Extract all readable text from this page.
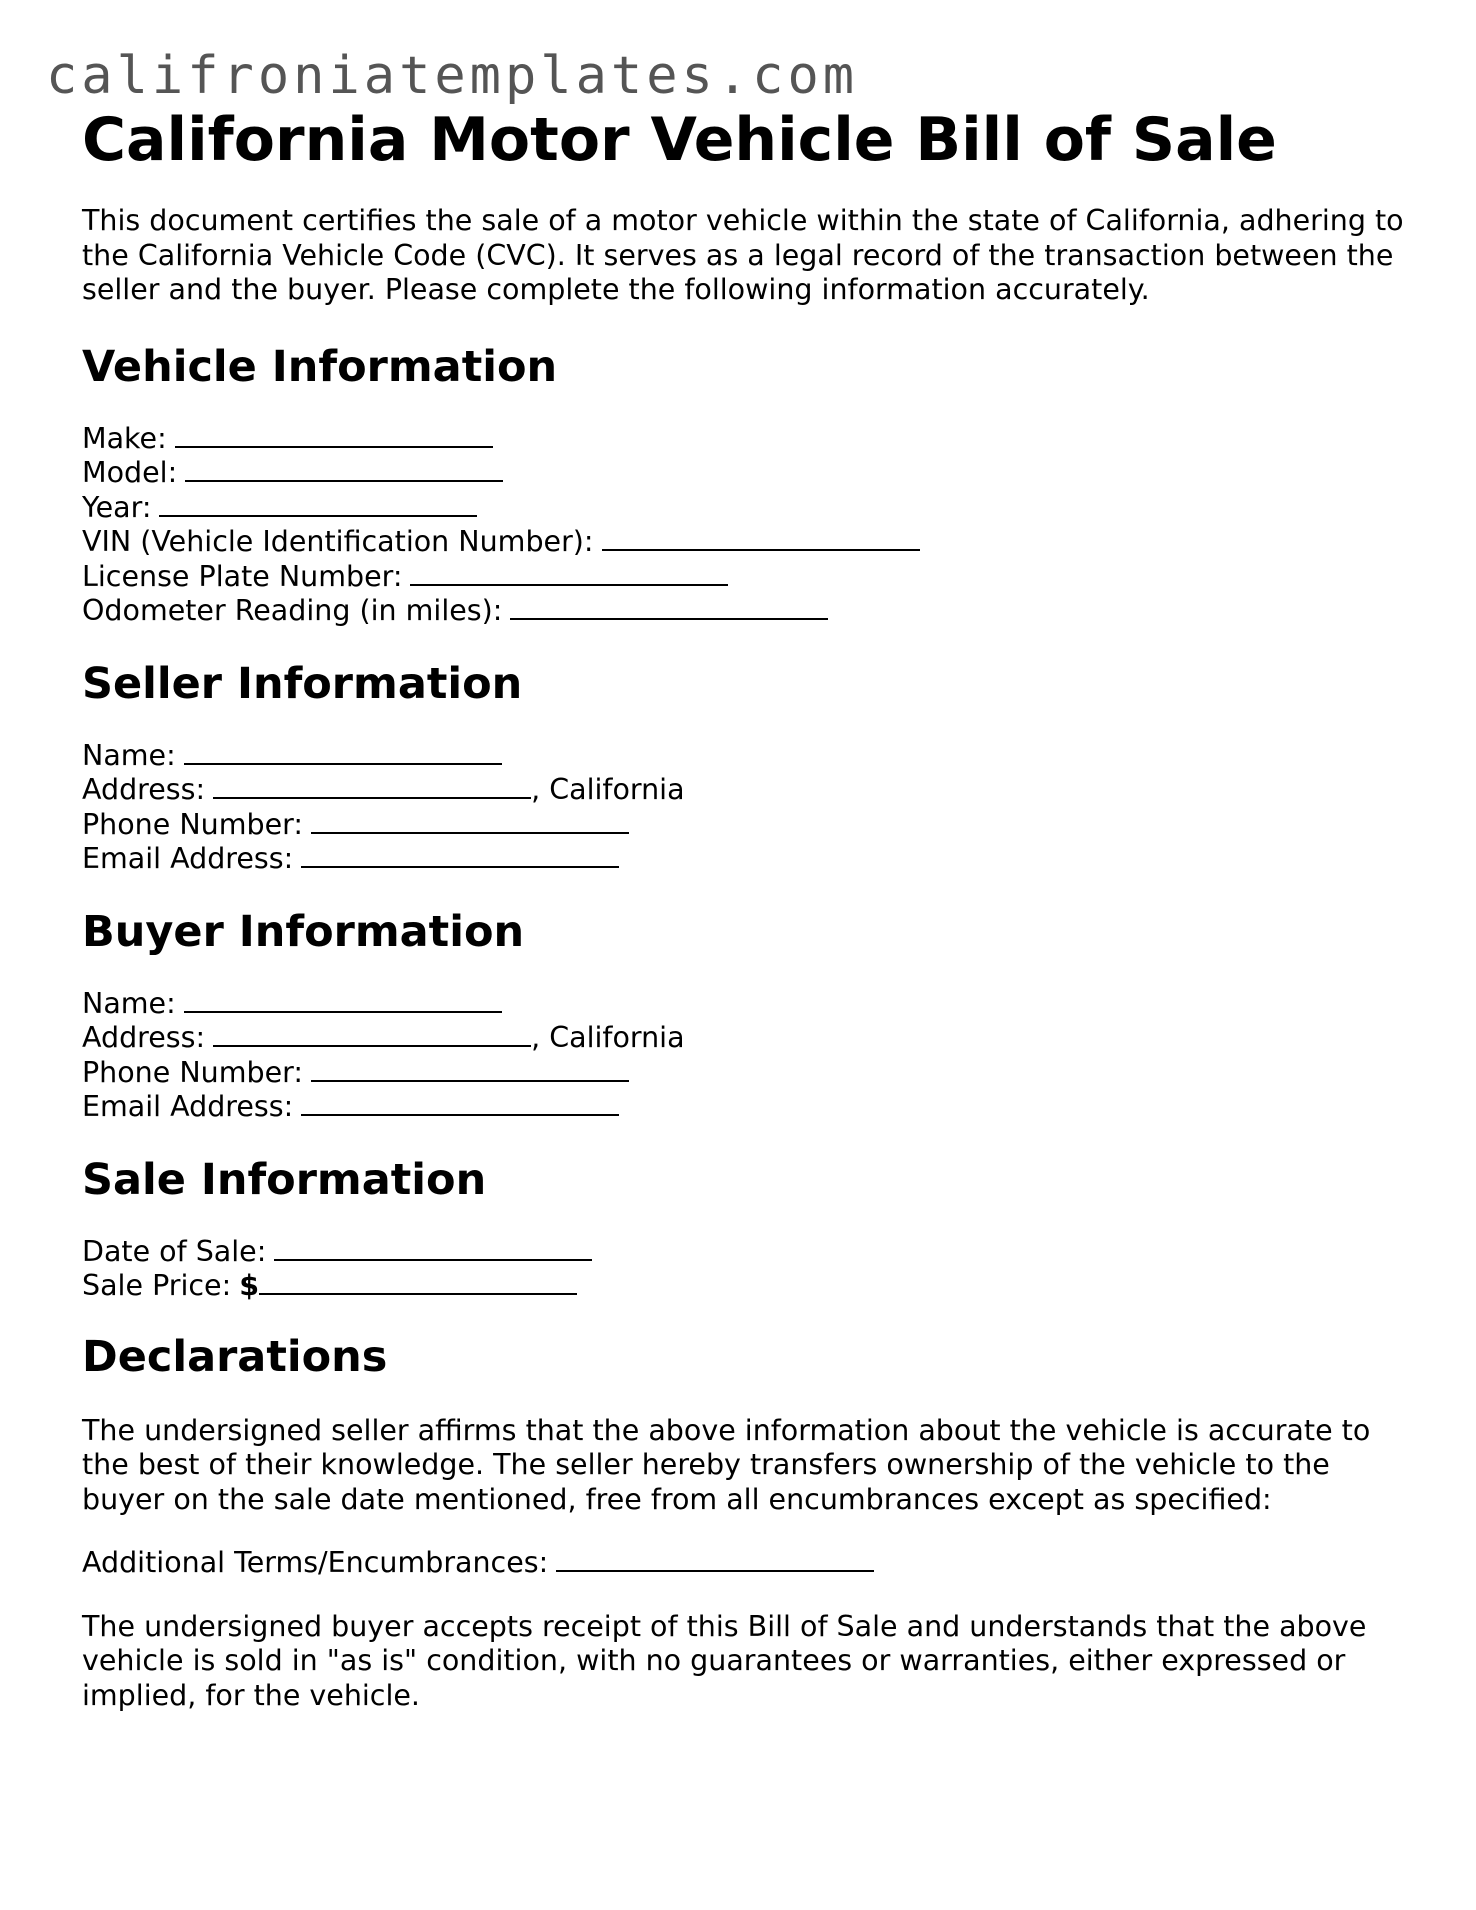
califroniatemplates.com
California Motor Vehicle Bill of Sale

This document certifies the sale of a motor vehicle within the state of California, adhering to the California Vehicle Code (CVC). It serves as a legal record of the transaction between the seller and the buyer. Please complete the following information accurately.

Vehicle Information
Make:
Model:
Year:
VIN (Vehicle Identification Number):
License Plate Number:
Odometer Reading (in miles):
Seller Information
Name:
Address:	, California
Phone Number:
Email Address:
Buyer Information
Name:
Address:	, California
Phone Number:
Email Address:
Sale Information
Date of Sale:
Sale Price: $
Declarations

The undersigned seller affirms that the above information about the vehicle is accurate to the best of their knowledge. The seller hereby transfers ownership of the vehicle to the buyer on the sale date mentioned, free from all encumbrances except as specified:

Additional Terms/Encumbrances:

The undersigned buyer accepts receipt of this Bill of Sale and understands that the above vehicle is sold in "as is" condition, with no guarantees or warranties, either expressed or implied, for the vehicle.
